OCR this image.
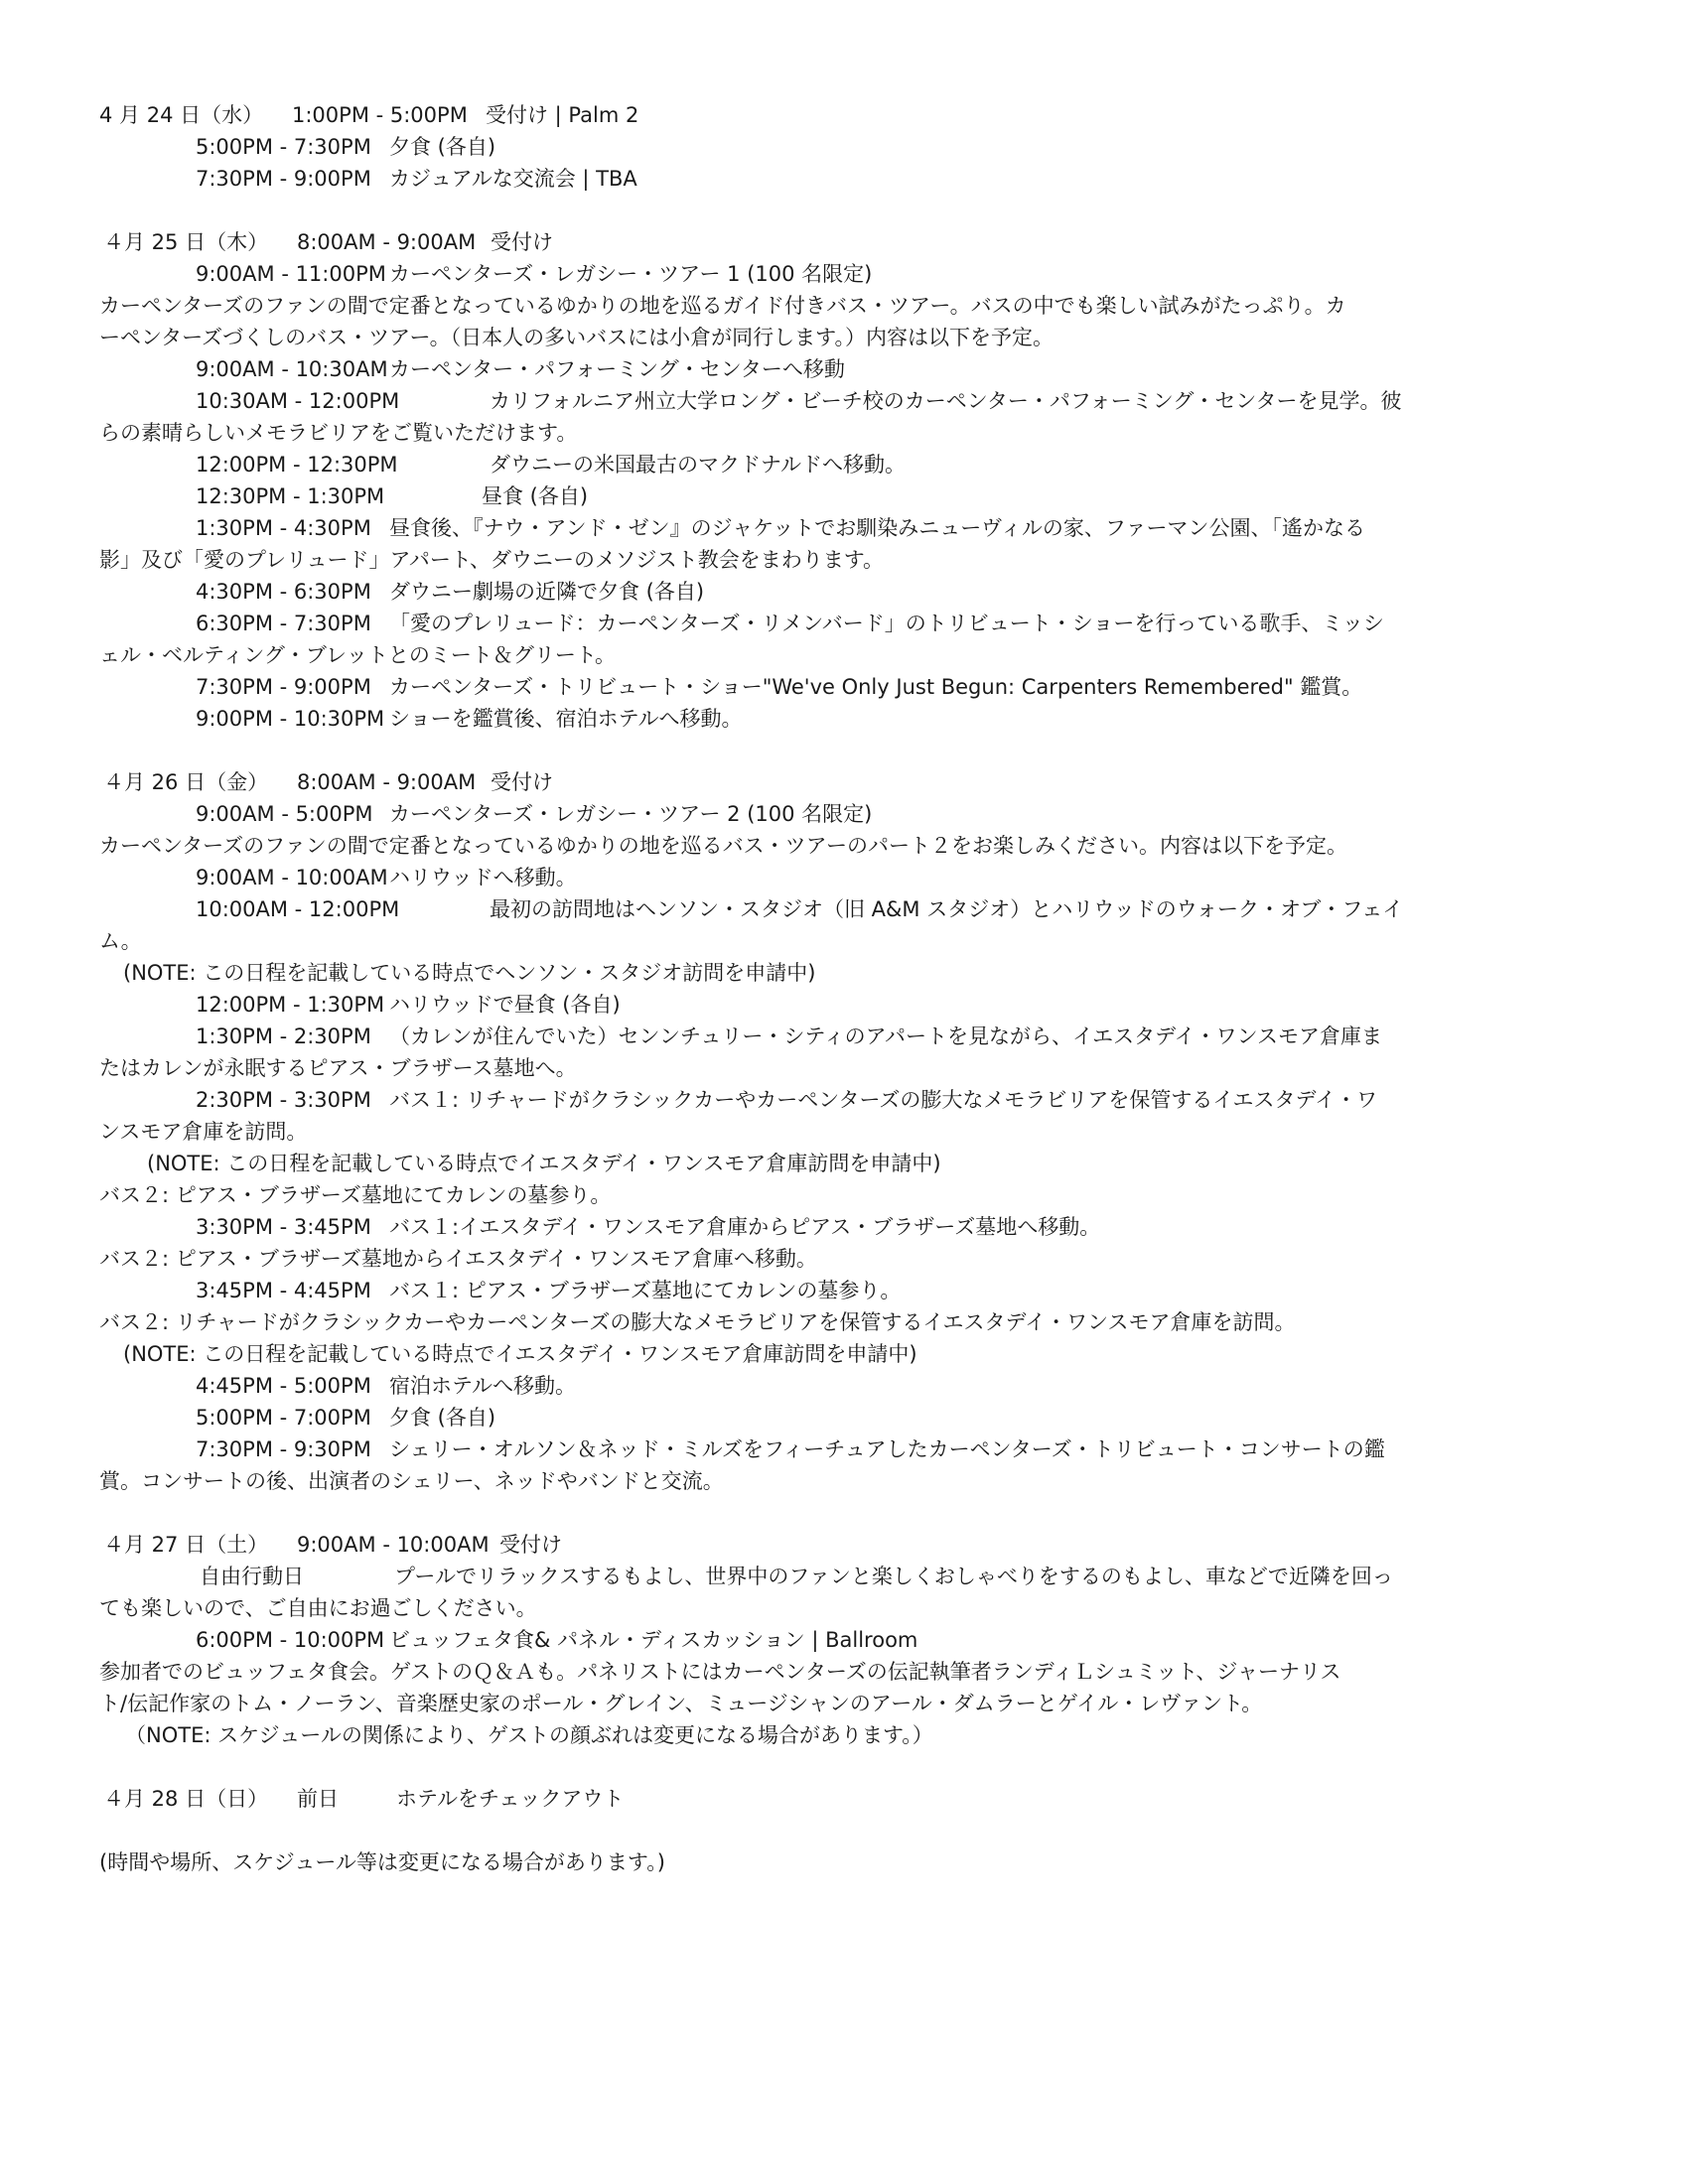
4 月 24 日（水） 1:00PM - 5:00PM 受付け | Palm 2

5:00PM - 7:30PM 夕食 (各自)

7:30PM - 9:00PM カジュアルな交流会 | TBA

４月 25 日（木） 8:00AM - 9:00AM 受付け

9:00AM - 11:00PM カーペンターズ・レガシー・ツアー 1 (100 名限定)

カーペンターズのファンの間で定番となっているゆかりの地を巡るガイド付きバス・ツアー。バスの中でも楽しい試みがたっぷり。カ

ーペンターズづくしのバス・ツアー。（日本人の多いバスには小倉が同行します。）内容は以下を予定。

9:00AM - 10:30AMカーペンター・パフォーミング・センターへ移動

10:30AM - 12:00PM	カリフォルニア州立大学ロング・ビーチ校のカーペンター・パフォーミング・センターを見学。彼

らの素晴らしいメモラビリアをご覧いただけます。

12:00PM - 12:30PM	ダウニーの米国最古のマクドナルドへ移動。

12:30PM - 1:30PM	昼食 (各自)

1:30PM - 4:30PM 昼食後、『ナウ・アンド・ゼン』のジャケットでお馴染みニューヴィルの家、ファーマン公園、「遙かなる

影」及び「愛のプレリュード」アパート、ダウニーのメソジスト教会をまわります。

4:30PM - 6:30PM ダウニー劇場の近隣で夕食 (各自)

6:30PM - 7:30PM 「愛のプレリュード：カーペンターズ・リメンバード」のトリビュート・ショーを行っている歌手、ミッシ

ェル・ベルティング・ブレットとのミート＆グリート。

7:30PM - 9:00PM カーペンターズ・トリビュート・ショー"We've Only Just Begun: Carpenters Remembered" 鑑賞。

9:00PM - 10:30PM ショーを鑑賞後、宿泊ホテルへ移動。

４月 26 日（金） 8:00AM - 9:00AM 受付け

9:00AM - 5:00PM カーペンターズ・レガシー・ツアー 2 (100 名限定)

カーペンターズのファンの間で定番となっているゆかりの地を巡るバス・ツアーのパート２をお楽しみください。内容は以下を予定。

9:00AM - 10:00AMハリウッドへ移動。

10:00AM - 12:00PM	最初の訪問地はヘンソン・スタジオ（旧 A&M スタジオ）とハリウッドのウォーク・オブ・フェイ

ム。

(NOTE: この日程を記載している時点でヘンソン・スタジオ訪問を申請中)

12:00PM - 1:30PM ハリウッドで昼食 (各自)

1:30PM - 2:30PM （カレンが住んでいた）センンチュリー・シティのアパートを見ながら、イエスタデイ・ワンスモア倉庫ま

たはカレンが永眠するピアス・ブラザース墓地へ。

2:30PM - 3:30PM バス１: リチャードがクラシックカーやカーペンターズの膨大なメモラビリアを保管するイエスタデイ・ワ

ンスモア倉庫を訪問。

(NOTE: この日程を記載している時点でイエスタデイ・ワンスモア倉庫訪問を申請中)

バス２: ピアス・ブラザーズ墓地にてカレンの墓参り。

3:30PM - 3:45PM バス１:イエスタデイ・ワンスモア倉庫からピアス・ブラザーズ墓地へ移動。

バス２: ピアス・ブラザーズ墓地からイエスタデイ・ワンスモア倉庫へ移動。

3:45PM - 4:45PM バス１: ピアス・ブラザーズ墓地にてカレンの墓参り。

バス２: リチャードがクラシックカーやカーペンターズの膨大なメモラビリアを保管するイエスタデイ・ワンスモア倉庫を訪問。

(NOTE: この日程を記載している時点でイエスタデイ・ワンスモア倉庫訪問を申請中)

4:45PM - 5:00PM 宿泊ホテルへ移動。

5:00PM - 7:00PM 夕食 (各自)

7:30PM - 9:30PM シェリー・オルソン＆ネッド・ミルズをフィーチュアしたカーペンターズ・トリビュート・コンサートの鑑

賞。コンサートの後、出演者のシェリー、ネッドやバンドと交流。

４月 27 日（土） 9:00AM - 10:00AM 受付け

自由行動日	プールでリラックスするもよし、世界中のファンと楽しくおしゃべりをするのもよし、車などで近隣を回っ

ても楽しいので、ご自由にお過ごしください。

6:00PM - 10:00PM ビュッフェタ食& パネル・ディスカッション | Ballroom

参加者でのビュッフェタ食会。ゲストのＱ＆Ａも。パネリストにはカーペンターズの伝記執筆者ランディＬシュミット、ジャーナリス

ト/伝記作家のトム・ノーラン、音楽歴史家のポール・グレイン、ミュージシャンのアール・ダムラーとゲイル・レヴァント。

（NOTE: スケジュールの関係により、ゲストの顔ぶれは変更になる場合があります。）

４月 28 日（日） 前日	ホテルをチェックアウト

(時間や場所、スケジュール等は変更になる場合があります。)
